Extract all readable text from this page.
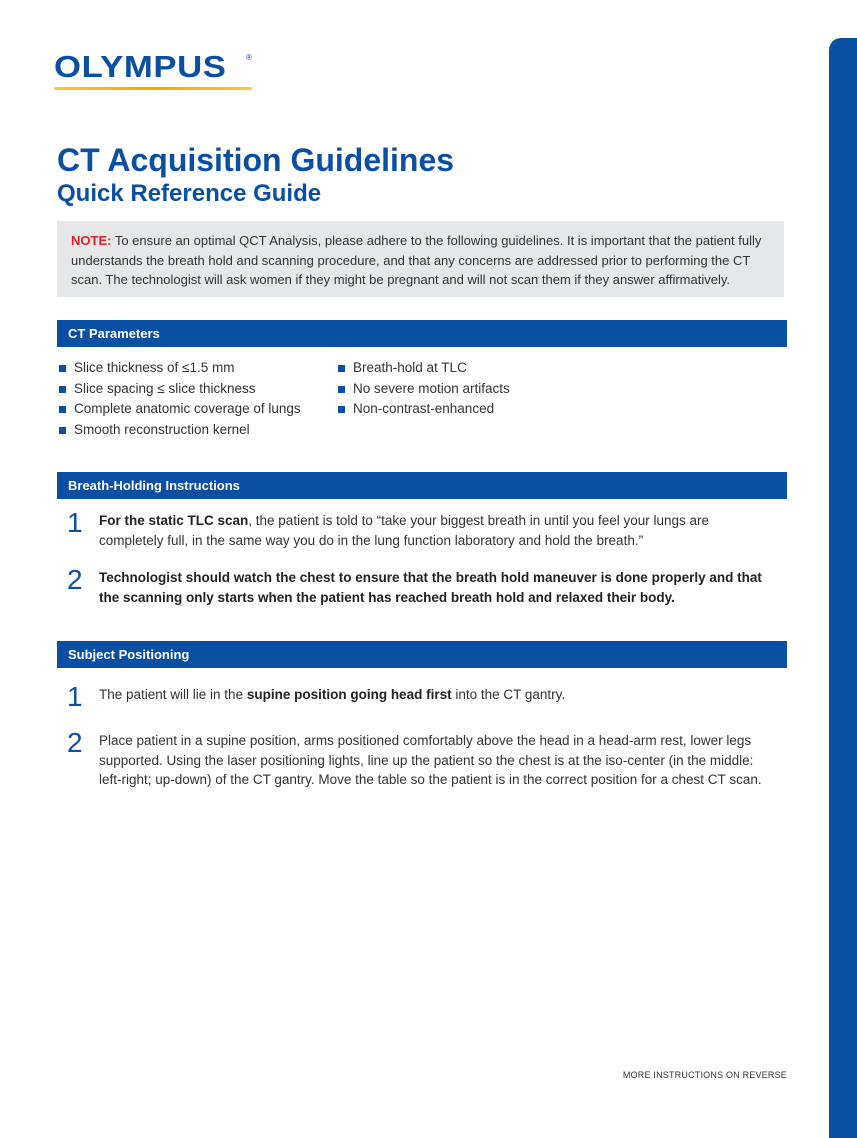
OLYMPUS ®
CT Acquisition Guidelines
Quick Reference Guide
NOTE: To ensure an optimal QCT Analysis, please adhere to the following guidelines. It is important that the patient fully understands the breath hold and scanning procedure, and that any concerns are addressed prior to performing the CT scan. The technologist will ask women if they might be pregnant and will not scan them if they answer affirmatively.
CT Parameters
Slice thickness of ≤1.5 mm
Slice spacing ≤ slice thickness
Complete anatomic coverage of lungs
Smooth reconstruction kernel
Breath-hold at TLC
No severe motion artifacts
Non-contrast-enhanced
Breath-Holding Instructions
1 For the static TLC scan, the patient is told to “take your biggest breath in until you feel your lungs are completely full, in the same way you do in the lung function laboratory and hold the breath.”
2 Technologist should watch the chest to ensure that the breath hold maneuver is done properly and that the scanning only starts when the patient has reached breath hold and relaxed their body.
Subject Positioning
1 The patient will lie in the supine position going head first into the CT gantry.
2 Place patient in a supine position, arms positioned comfortably above the head in a head-arm rest, lower legs supported. Using the laser positioning lights, line up the patient so the chest is at the iso-center (in the middle: left-right; up-down) of the CT gantry. Move the table so the patient is in the correct position for a chest CT scan.
MORE INSTRUCTIONS ON REVERSE
